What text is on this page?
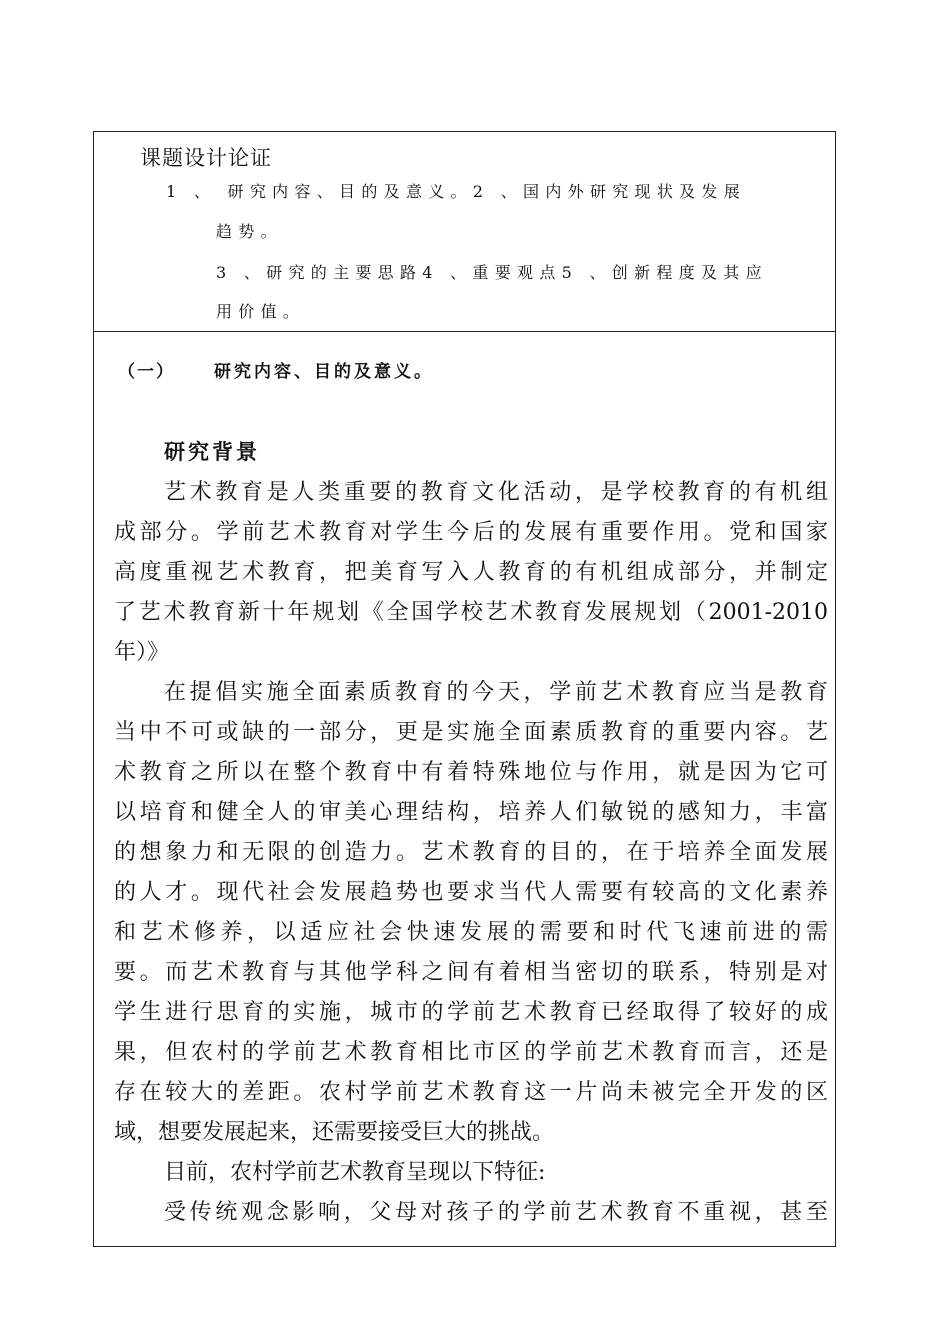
课题设计论证
1 、 研究内容、目的及意义。2 、国内外研究现状及发展
趋势。
3 、研究的主要思路4 、重要观点5 、创新程度及其应
用价值。
（一） 研究内容、目的及意义。
研究背景
艺术教育是人类重要的教育文化活动，是学校教育的有机组
成部分。学前艺术教育对学生今后的发展有重要作用。党和国家
高度重视艺术教育，把美育写入人教育的有机组成部分，并制定
了艺术教育新十年规划《全国学校艺术教育发展规划（2001-2010
年）》
在提倡实施全面素质教育的今天，学前艺术教育应当是教育
当中不可或缺的一部分，更是实施全面素质教育的重要内容。艺
术教育之所以在整个教育中有着特殊地位与作用，就是因为它可
以培育和健全人的审美心理结构，培养人们敏锐的感知力，丰富
的想象力和无限的创造力。艺术教育的目的，在于培养全面发展
的人才。现代社会发展趋势也要求当代人需要有较高的文化素养
和艺术修养，以适应社会快速发展的需要和时代飞速前进的需
要。而艺术教育与其他学科之间有着相当密切的联系，特别是对
学生进行思育的实施，城市的学前艺术教育已经取得了较好的成
果，但农村的学前艺术教育相比市区的学前艺术教育而言，还是
存在较大的差距。农村学前艺术教育这一片尚未被完全开发的区
域，想要发展起来，还需要接受巨大的挑战。
目前，农村学前艺术教育呈现以下特征:
受传统观念影响，父母对孩子的学前艺术教育不重视，甚至
